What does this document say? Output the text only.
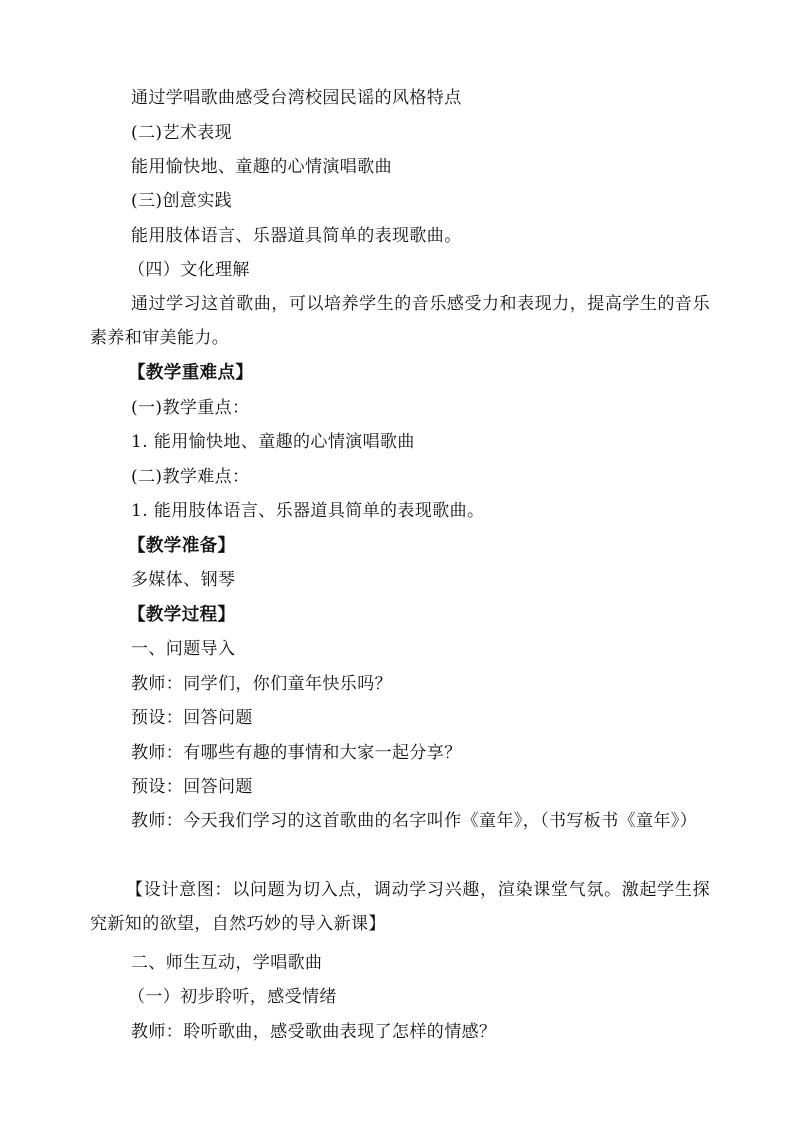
通过学唱歌曲感受台湾校园民谣的风格特点
(二)艺术表现
能用愉快地、童趣的心情演唱歌曲
(三)创意实践
能用肢体语言、乐器道具简单的表现歌曲。
（四）文化理解
通过学习这首歌曲，可以培养学生的音乐感受力和表现力，提高学生的音乐素养和审美能力。
【教学重难点】
(一)教学重点：
1. 能用愉快地、童趣的心情演唱歌曲
(二)教学难点：
1. 能用肢体语言、乐器道具简单的表现歌曲。
【教学准备】
多媒体、钢琴
【教学过程】
一、问题导入
教师：同学们，你们童年快乐吗？
预设：回答问题
教师：有哪些有趣的事情和大家一起分享？
预设：回答问题
教师：今天我们学习的这首歌曲的名字叫作《童年》，（书写板书《童年》）
【设计意图：以问题为切入点，调动学习兴趣，渲染课堂气氛。激起学生探究新知的欲望，自然巧妙的导入新课】
二、师生互动，学唱歌曲
（一）初步聆听，感受情绪
教师：聆听歌曲，感受歌曲表现了怎样的情感？
